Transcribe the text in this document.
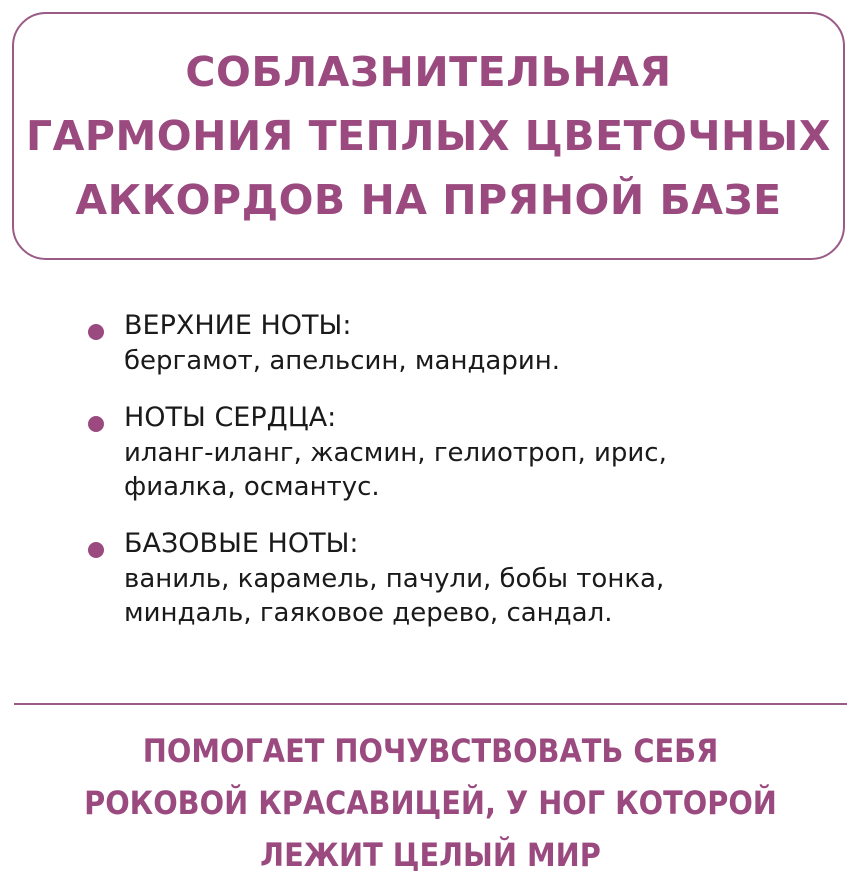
СОБЛАЗНИТЕЛЬНАЯ
ГАРМОНИЯ ТЕПЛЫХ ЦВЕТОЧНЫХ
АККОРДОВ НА ПРЯНОЙ БАЗЕ
ВЕРХНИЕ НОТЫ:
бергамот, апельсин, мандарин.
НОТЫ СЕРДЦА:
иланг-иланг, жасмин, гелиотроп, ирис,
фиалка, османтус.
БАЗОВЫЕ НОТЫ:
ваниль, карамель, пачули, бобы тонка,
миндаль, гаяковое дерево, сандал.

ПОМОГАЕТ ПОЧУВСТВОВАТЬ СЕБЯ
РОКОВОЙ КРАСАВИЦЕЙ, У НОГ КОТОРОЙ
ЛЕЖИТ ЦЕЛЫЙ МИР
